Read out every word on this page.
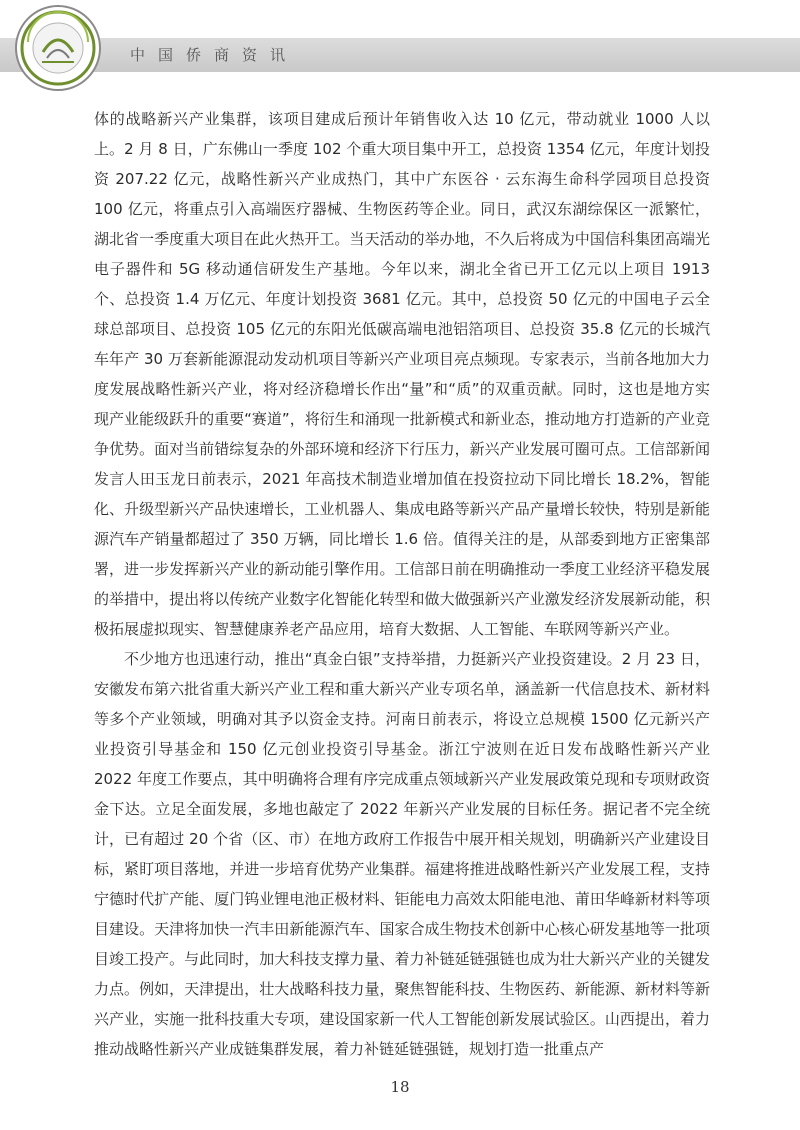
中国侨商资讯

体的战略新兴产业集群，该项目建成后预计年销售收入达 10 亿元，带动就业 1000 人以上。2 月 8 日，广东佛山一季度 102 个重大项目集中开工，总投资 1354 亿元，年度计划投资 207.22 亿元，战略性新兴产业成热门，其中广东医谷 · 云东海生命科学园项目总投资 100 亿元，将重点引入高端医疗器械、生物医药等企业。同日，武汉东湖综保区一派繁忙，湖北省一季度重大项目在此火热开工。当天活动的举办地，不久后将成为中国信科集团高端光电子器件和 5G 移动通信研发生产基地。今年以来，湖北全省已开工亿元以上项目 1913 个、总投资 1.4 万亿元、年度计划投资 3681 亿元。其中，总投资 50 亿元的中国电子云全球总部项目、总投资 105 亿元的东阳光低碳高端电池铝箔项目、总投资 35.8 亿元的长城汽车年产 30 万套新能源混动发动机项目等新兴产业项目亮点频现。专家表示，当前各地加大力度发展战略性新兴产业，将对经济稳增长作出“量”和“质”的双重贡献。同时，这也是地方实现产业能级跃升的重要“赛道”，将衍生和涌现一批新模式和新业态，推动地方打造新的产业竞争优势。面对当前错综复杂的外部环境和经济下行压力，新兴产业发展可圈可点。工信部新闻发言人田玉龙日前表示，2021 年高技术制造业增加值在投资拉动下同比增长 18.2%，智能化、升级型新兴产品快速增长，工业机器人、集成电路等新兴产品产量增长较快，特别是新能源汽车产销量都超过了 350 万辆，同比增长 1.6 倍。值得关注的是，从部委到地方正密集部署，进一步发挥新兴产业的新动能引擎作用。工信部日前在明确推动一季度工业经济平稳发展的举措中，提出将以传统产业数字化智能化转型和做大做强新兴产业激发经济发展新动能，积极拓展虚拟现实、智慧健康养老产品应用，培育大数据、人工智能、车联网等新兴产业。

不少地方也迅速行动，推出“真金白银”支持举措，力挺新兴产业投资建设。2 月 23 日，安徽发布第六批省重大新兴产业工程和重大新兴产业专项名单，涵盖新一代信息技术、新材料等多个产业领域，明确对其予以资金支持。河南日前表示，将设立总规模 1500 亿元新兴产业投资引导基金和 150 亿元创业投资引导基金。浙江宁波则在近日发布战略性新兴产业 2022 年度工作要点，其中明确将合理有序完成重点领域新兴产业发展政策兑现和专项财政资金下达。立足全面发展，多地也敲定了 2022 年新兴产业发展的目标任务。据记者不完全统计，已有超过 20 个省（区、市）在地方政府工作报告中展开相关规划，明确新兴产业建设目标，紧盯项目落地，并进一步培育优势产业集群。福建将推进战略性新兴产业发展工程，支持宁德时代扩产能、厦门钨业锂电池正极材料、钜能电力高效太阳能电池、莆田华峰新材料等项目建设。天津将加快一汽丰田新能源汽车、国家合成生物技术创新中心核心研发基地等一批项目竣工投产。与此同时，加大科技支撑力量、着力补链延链强链也成为壮大新兴产业的关键发力点。例如，天津提出，壮大战略科技力量，聚焦智能科技、生物医药、新能源、新材料等新兴产业，实施一批科技重大专项，建设国家新一代人工智能创新发展试验区。山西提出，着力推动战略性新兴产业成链集群发展，着力补链延链强链，规划打造一批重点产

18
